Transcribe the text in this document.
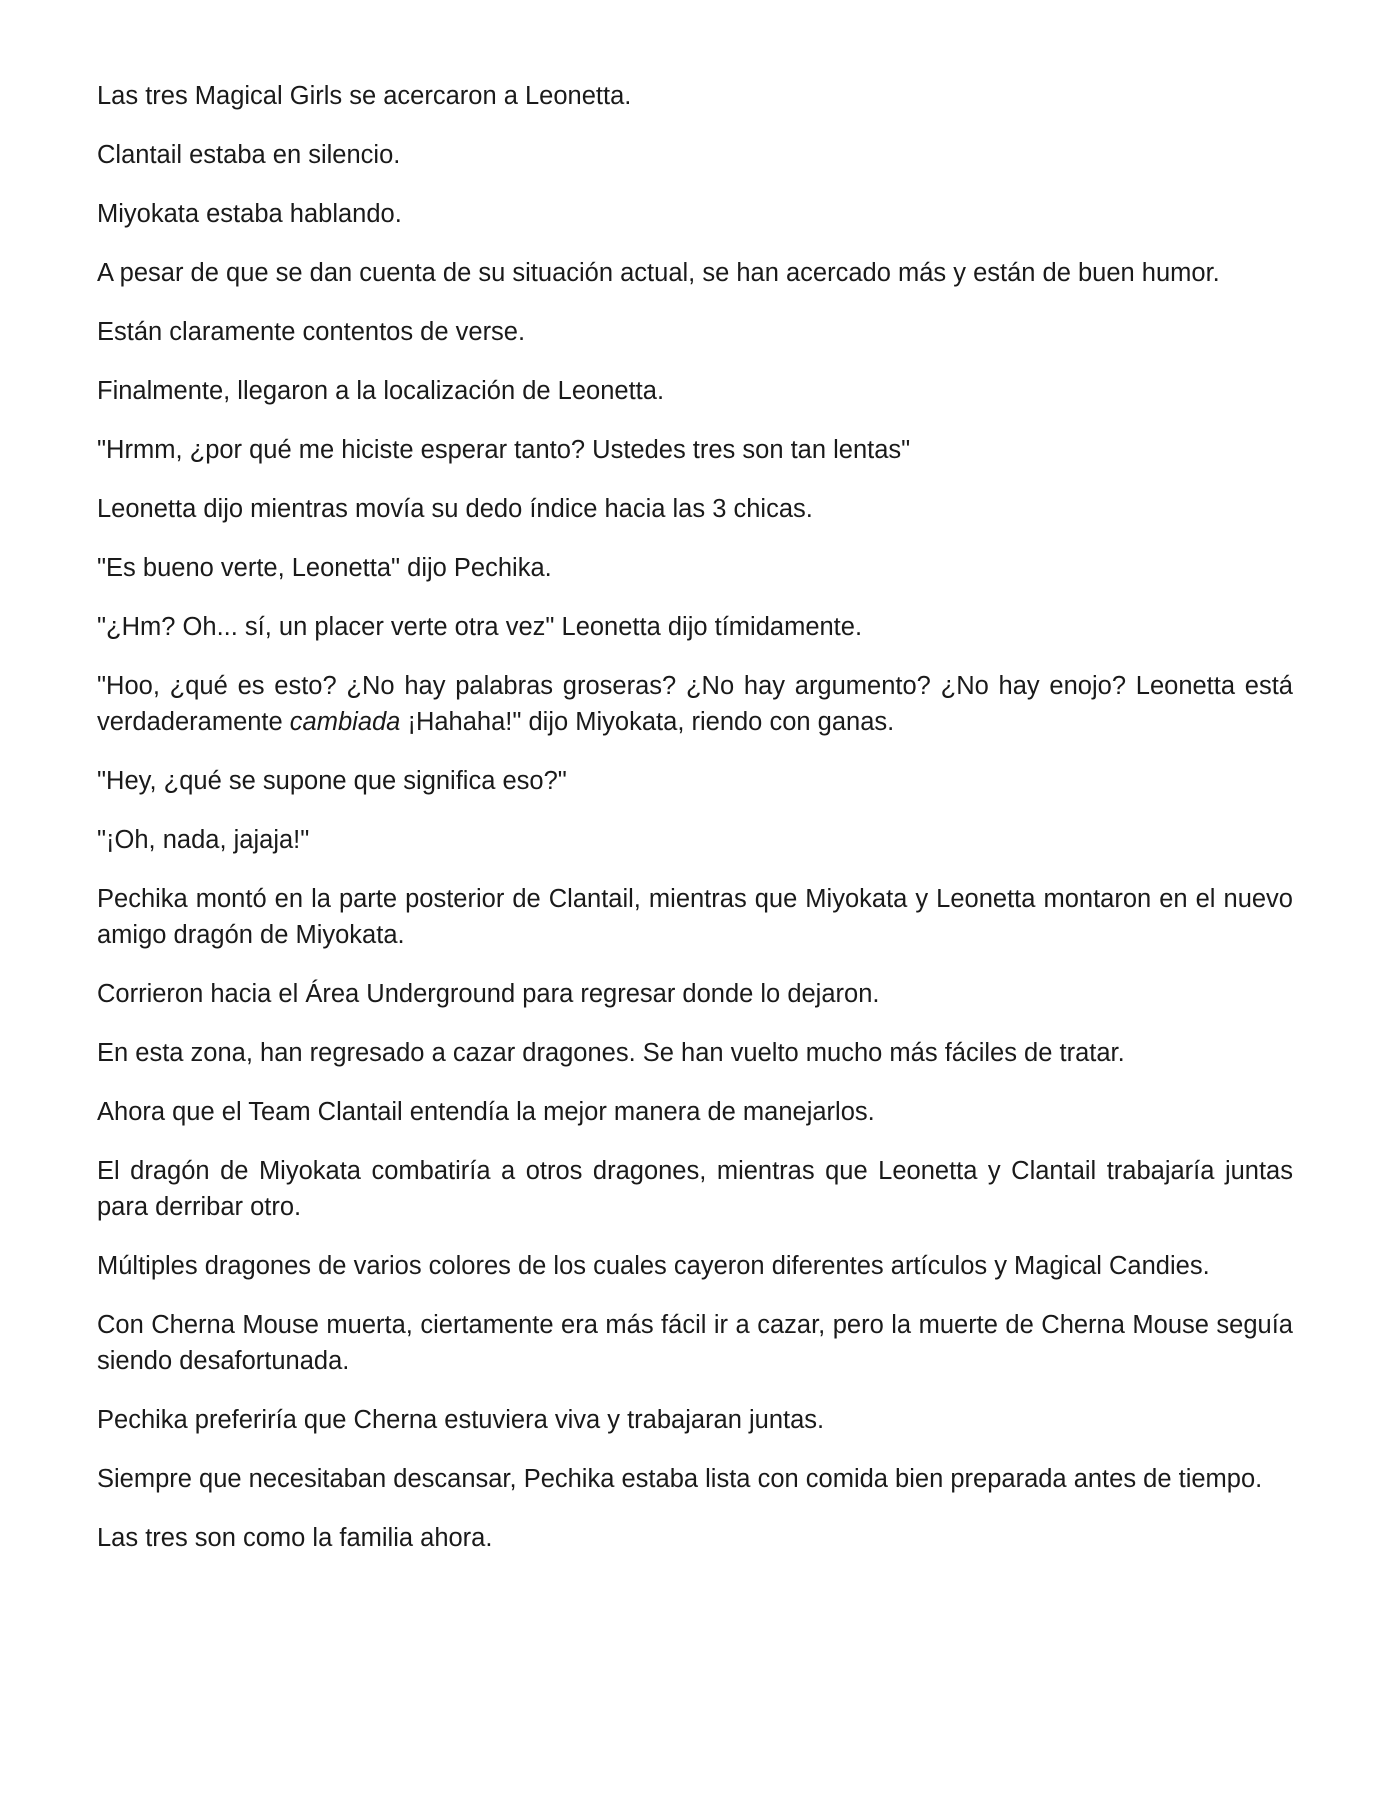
Las tres Magical Girls se acercaron a Leonetta.

Clantail estaba en silencio.

Miyokata estaba hablando.

A pesar de que se dan cuenta de su situación actual, se han acercado más y están de buen humor.

Están claramente contentos de verse.

Finalmente, llegaron a la localización de Leonetta.

"Hrmm, ¿por qué me hiciste esperar tanto? Ustedes tres son tan lentas"

Leonetta dijo mientras movía su dedo índice hacia las 3 chicas.

"Es bueno verte, Leonetta" dijo Pechika.

"¿Hm? Oh... sí, un placer verte otra vez" Leonetta dijo tímidamente.

"Hoo, ¿qué es esto? ¿No hay palabras groseras? ¿No hay argumento? ¿No hay enojo? Leonetta está verdaderamente cambiada ¡Hahaha!" dijo Miyokata, riendo con ganas.

"Hey, ¿qué se supone que significa eso?"

"¡Oh, nada, jajaja!"

Pechika montó en la parte posterior de Clantail, mientras que Miyokata y Leonetta montaron en el nuevo amigo dragón de Miyokata.

Corrieron hacia el Área Underground para regresar donde lo dejaron.

En esta zona, han regresado a cazar dragones. Se han vuelto mucho más fáciles de tratar.

Ahora que el Team Clantail entendía la mejor manera de manejarlos.

El dragón de Miyokata combatiría a otros dragones, mientras que Leonetta y Clantail trabajaría juntas para derribar otro.

Múltiples dragones de varios colores de los cuales cayeron diferentes artículos y Magical Candies.

Con Cherna Mouse muerta, ciertamente era más fácil ir a cazar, pero la muerte de Cherna Mouse seguía siendo desafortunada.

Pechika preferiría que Cherna estuviera viva y trabajaran juntas.

Siempre que necesitaban descansar, Pechika estaba lista con comida bien preparada antes de tiempo.

Las tres son como la familia ahora.
